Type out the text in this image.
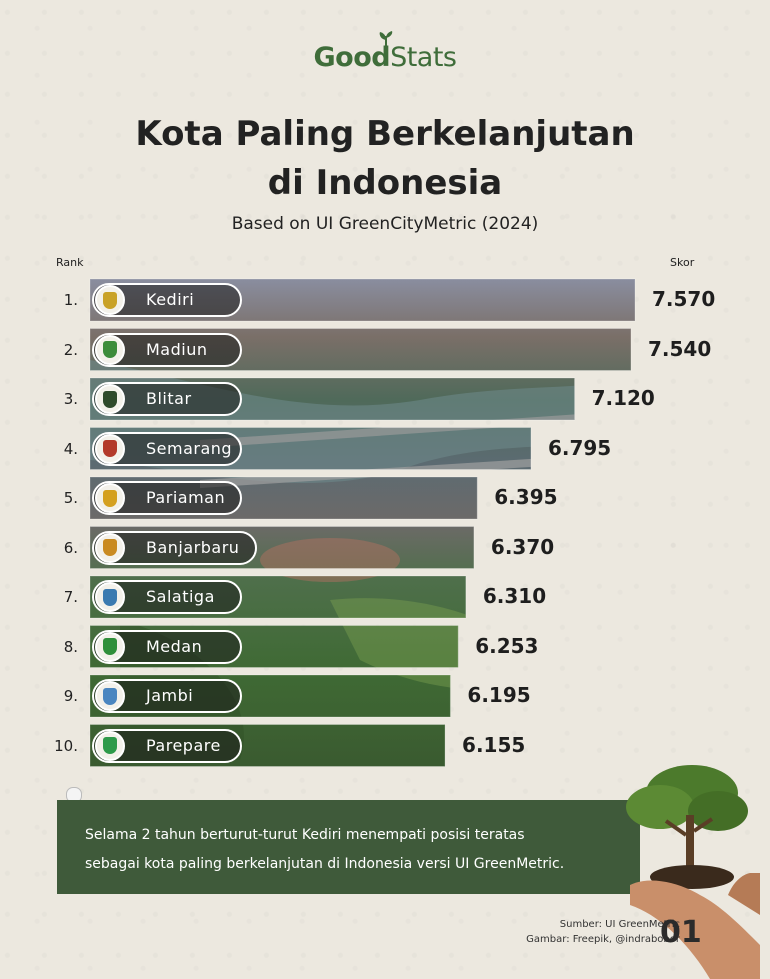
GoodStats
Kota Paling Berkelanjutan
di Indonesia
Based on UI GreenCityMetric (2024)
Rank	Skor
1.	Kediri	7.570
2.	Madiun	7.540
3.	Blitar	7.120
4.	Semarang	6.795
5.	Pariaman	6.395
6.	Banjarbaru	6.370
7.	Salatiga	6.310
8.	Medan	6.253
9.	Jambi	6.195
10.	Parepare	6.155
Selama 2 tahun berturut-turut Kediri menempati posisi teratas
sebagai kota paling berkelanjutan di Indonesia versi UI GreenMetric.
Sumber: UI GreenMetric
Gambar: Freepik, @indrabobor
01
